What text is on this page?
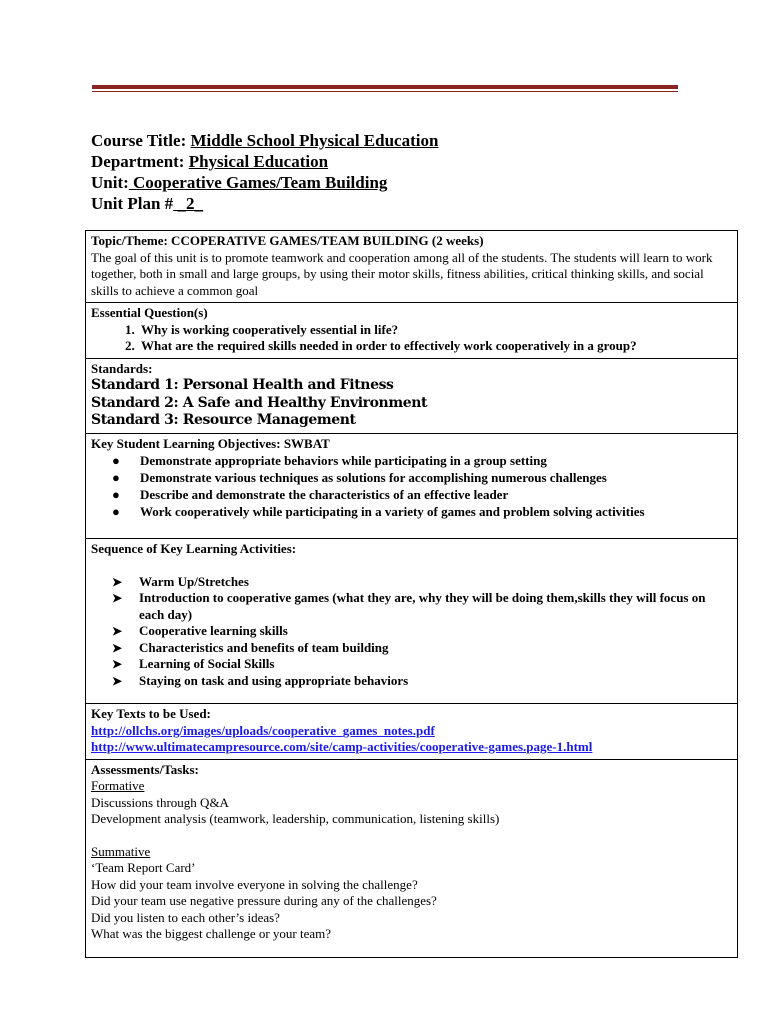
Course Title: Middle School Physical Education
Department: Physical Education
Unit: Cooperative Games/Team Building
Unit Plan # _2_
Topic/Theme: CCOPERATIVE GAMES/TEAM BUILDING (2 weeks)
The goal of this unit is to promote teamwork and cooperation among all of the students. The students will learn to work together, both in small and large groups, by using their motor skills, fitness abilities, critical thinking skills, and social skills to achieve a common goal
Essential Question(s)
1. Why is working cooperatively essential in life?
2. What are the required skills needed in order to effectively work cooperatively in a group?
Standards:
Standard 1: Personal Health and Fitness
Standard 2: A Safe and Healthy Environment
Standard 3: Resource Management
Key Student Learning Objectives: SWBAT
● Demonstrate appropriate behaviors while participating in a group setting
● Demonstrate various techniques as solutions for accomplishing numerous challenges
● Describe and demonstrate the characteristics of an effective leader
● Work cooperatively while participating in a variety of games and problem solving activities
Sequence of Key Learning Activities:
➤ Warm Up/Stretches
➤ Introduction to cooperative games (what they are, why they will be doing them,skills they will focus on each day)
➤ Cooperative learning skills
➤ Characteristics and benefits of team building
➤ Learning of Social Skills
➤ Staying on task and using appropriate behaviors
Key Texts to be Used:
http://ollchs.org/images/uploads/cooperative_games_notes.pdf
http://www.ultimatecampresource.com/site/camp-activities/cooperative-games.page-1.html
Assessments/Tasks:
Formative
Discussions through Q&A
Development analysis (teamwork, leadership, communication, listening skills)
Summative
‘Team Report Card’
How did your team involve everyone in solving the challenge?
Did your team use negative pressure during any of the challenges?
Did you listen to each other’s ideas?
What was the biggest challenge or your team?
